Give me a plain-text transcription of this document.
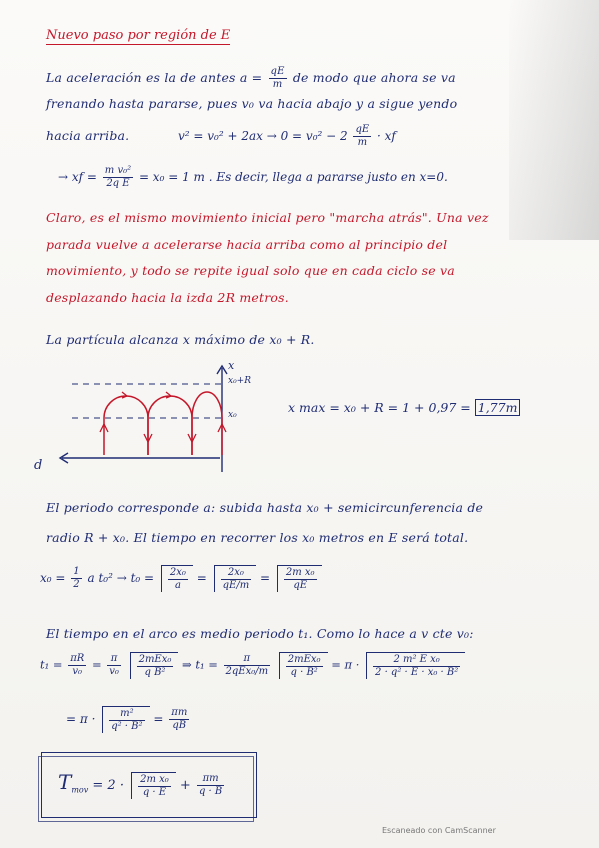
Nuevo paso por región de E
La aceleración es la de antes $a = \frac{qE}{m}$ de modo que ahora se va
frenando hasta pararse, pues v₀ va hacia abajo y a sigue yendo
hacia arriba.	$v^2 = v_0^2 + 2ax \to 0 = v_0^2 - 2 \frac{qE}{m}$ · xf
→ xf = $\frac{\text{m v₀²}}{\text{2q E}} = x_0 = 1$ m . Es decir, llega a pararse justo en x=0.
Claro, es el mismo movimiento inicial pero "marcha atrás". Una vez
parada vuelve a acelerarse hacia arriba como al principio del
movimiento, y todo se repite igual solo que en cada ciclo se va
desplazando hacia la izda 2R metros.
La partícula alcanza x máximo de x₀ + R.
x
d
x₀+R
x₀	x max = x₀ + R = 1 + 0,97 = 1,77m
El periodo corresponde a: subida hasta x₀ + semicircunferencia de
radio R + x₀. El tiempo en recorrer los x₀ metros en E será total.
$x_0 = \frac{1}{2}$ a $t_0^2 \to t_0 = \frac{\text{2x₀}}{a} = \frac{\text{2x₀}}{qE/m} = \frac{\text{2m x₀}}{qE}$
El tiempo en el arco es medio periodo t₁. Como lo hace a v cte v₀:
$t_1 = \frac{\pi R}{\text{v₀}} = \frac{\pi}{\text{v₀}}$
$\frac{\text{2mEx₀}}{\text{q B²}}$ ⇒ $t_1 = \frac{\pi}{\text{2qEx₀/m}}$
$\frac{\text{2mEx₀}}{\text{q · B²}} = \pi \cdot \frac{\text{2 m² E x₀}}{\text{2 · q² · E · x₀ · B²}}$
= $\pi \cdot \frac{\text{m²}}{\text{q² · B²}} = \frac{\pi m}{qB}$
$T_{mov} = 2 \cdot \frac{\text{2m x₀}}{q \cdot E} + \frac{\pi m}{q \cdot B}$
Escaneado con CamScanner
